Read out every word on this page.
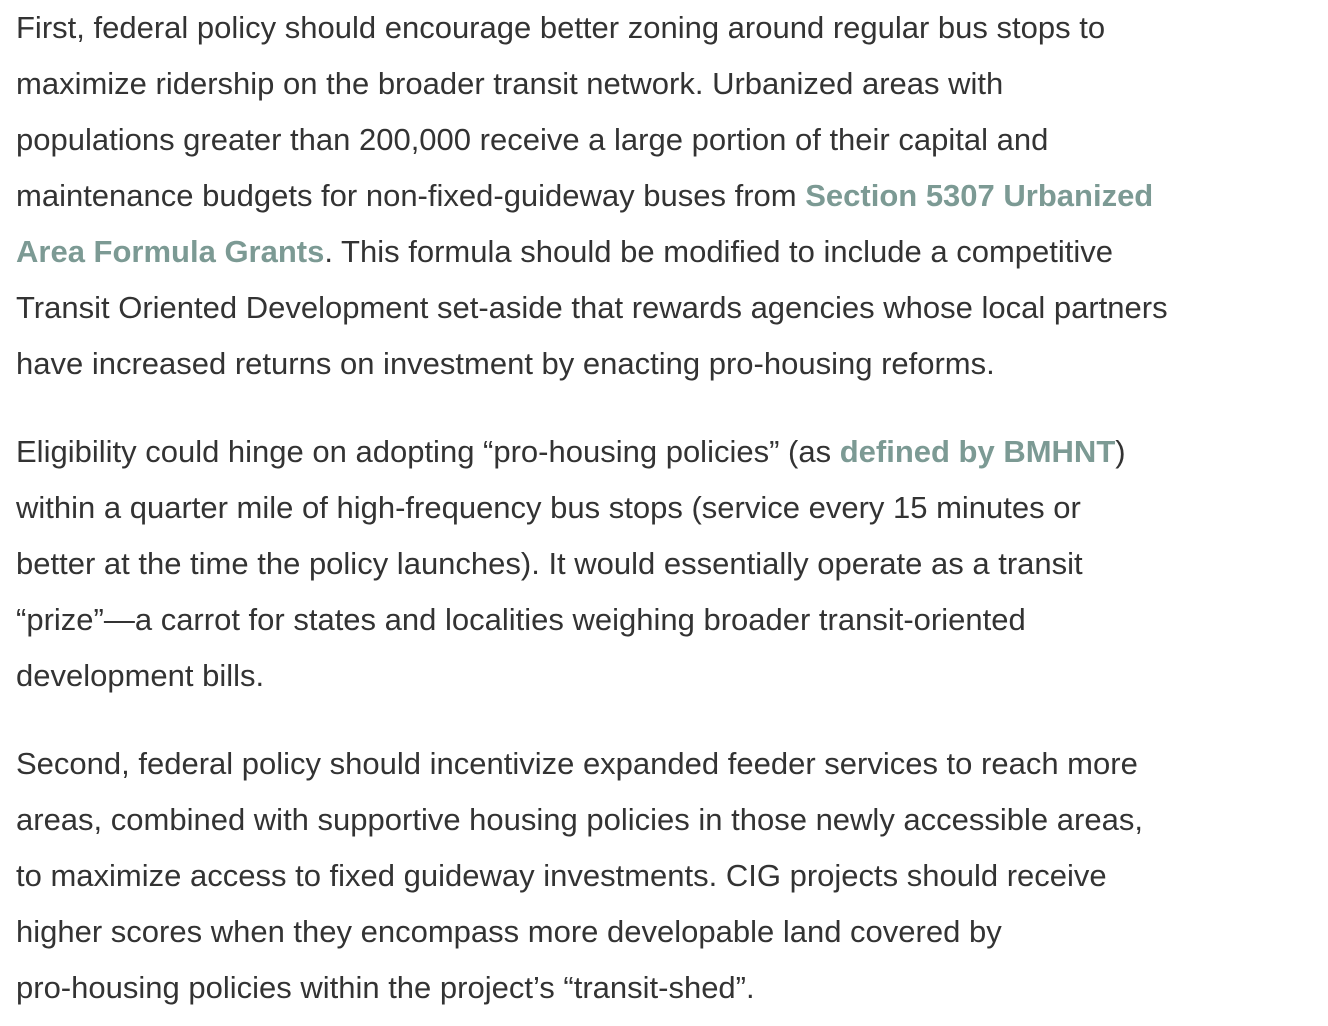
First, federal policy should encourage better zoning around regular bus stops to
maximize ridership on the broader transit network. Urbanized areas with
populations greater than 200,000 receive a large portion of their capital and
maintenance budgets for non-fixed-guideway buses from Section 5307 Urbanized
Area Formula Grants. This formula should be modified to include a competitive
Transit Oriented Development set-aside that rewards agencies whose local partners
have increased returns on investment by enacting pro-housing reforms.

Eligibility could hinge on adopting “pro-housing policies” (as defined by BMHNT)
within a quarter mile of high-frequency bus stops (service every 15 minutes or
better at the time the policy launches). It would essentially operate as a transit
“prize”—a carrot for states and localities weighing broader transit-oriented
development bills.

Second, federal policy should incentivize expanded feeder services to reach more
areas, combined with supportive housing policies in those newly accessible areas,
to maximize access to fixed guideway investments. CIG projects should receive
higher scores when they encompass more developable land covered by
pro-housing policies within the project’s “transit-shed”.
